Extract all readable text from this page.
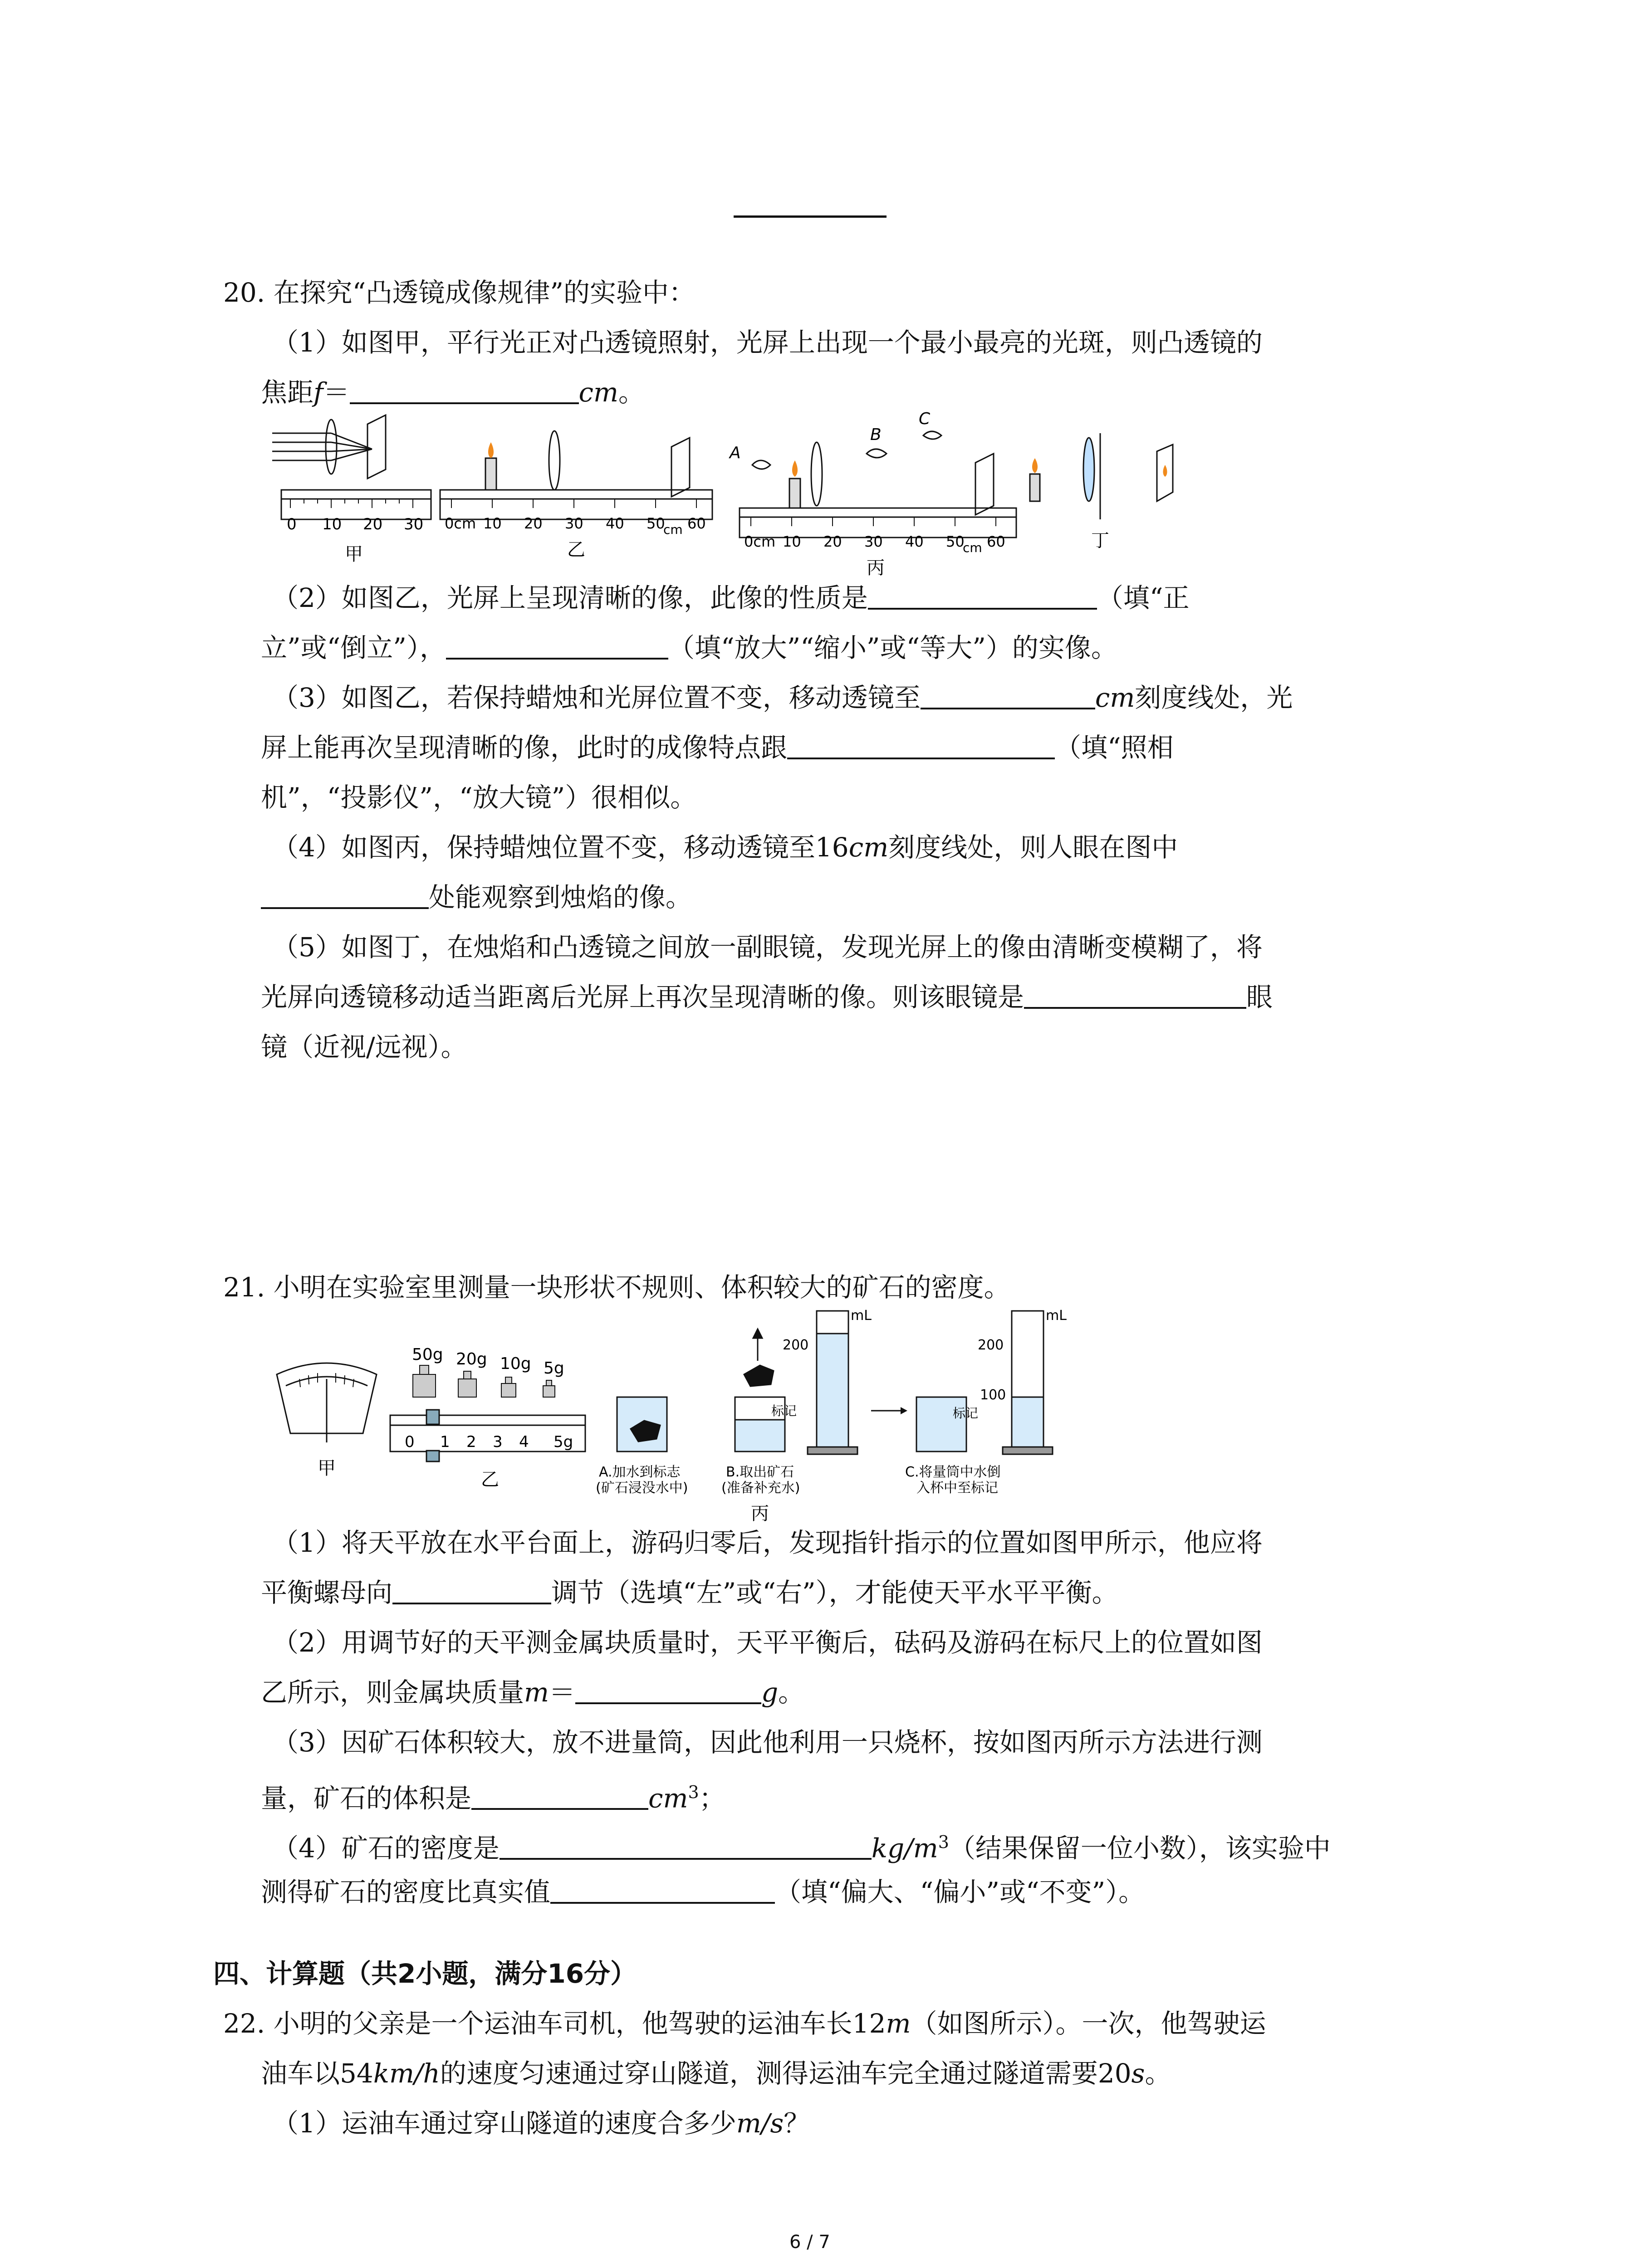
20. 在探究“凸透镜成像规律”的实验中：
（1）如图甲，平行光正对凸透镜照射，光屏上出现一个最小最亮的光斑，则凸透镜的
焦距f＝	cm。
0 10 20 30
甲
0cm 10 20 30 40 50
cm 60
乙
A
B
C
0cm 10 20 30 40 50
cm 60
丙
丁
（2）如图乙，光屏上呈现清晰的像，此像的性质是	（填“正
立”或“倒立”），	（填“放大”“缩小”或“等大”）的实像。
（3）如图乙，若保持蜡烛和光屏位置不变，移动透镜至	cm刻度线处，光
屏上能再次呈现清晰的像，此时的成像特点跟	（填“照相
机”，“投影仪”，“放大镜”）很相似。
（4）如图丙，保持蜡烛位置不变，移动透镜至16cm刻度线处，则人眼在图中
处能观察到烛焰的像。
（5）如图丁，在烛焰和凸透镜之间放一副眼镜，发现光屏上的像由清晰变模糊了，将
光屏向透镜移动适当距离后光屏上再次呈现清晰的像。则该眼镜是	眼
镜（近视/远视）。
21. 小明在实验室里测量一块形状不规则、体积较大的矿石的密度。
甲
50g 20g 10g 5g
0 1 2 3 4 5g
乙	A.加水到标志
(矿石浸没水中)
标记
B.取出矿石
(准备补充水)
丙
mL
200
标记
C.将量筒中水倒
入杯中至标记
mL
200
100
（1）将天平放在水平台面上，游码归零后，发现指针指示的位置如图甲所示，他应将
平衡螺母向	调节（选填“左”或“右”），才能使天平水平平衡。
（2）用调节好的天平测金属块质量时，天平平衡后，砝码及游码在标尺上的位置如图
乙所示，则金属块质量m＝	g。
（3）因矿石体积较大，放不进量筒，因此他利用一只烧杯，按如图丙所示方法进行测
量，矿石的体积是	$cm^3$；
（4）矿石的密度是	$kg/m^3$（结果保留一位小数），该实验中
测得矿石的密度比真实值	（填“偏大、“偏小”或“不变”）。
四、计算题（共2小题，满分16分）
22. 小明的父亲是一个运油车司机，他驾驶的运油车长12m（如图所示）。一次，他驾驶运
油车以54km/h的速度匀速通过穿山隧道，测得运油车完全通过隧道需要20s。
（1）运油车通过穿山隧道的速度合多少m/s？
6 / 7
